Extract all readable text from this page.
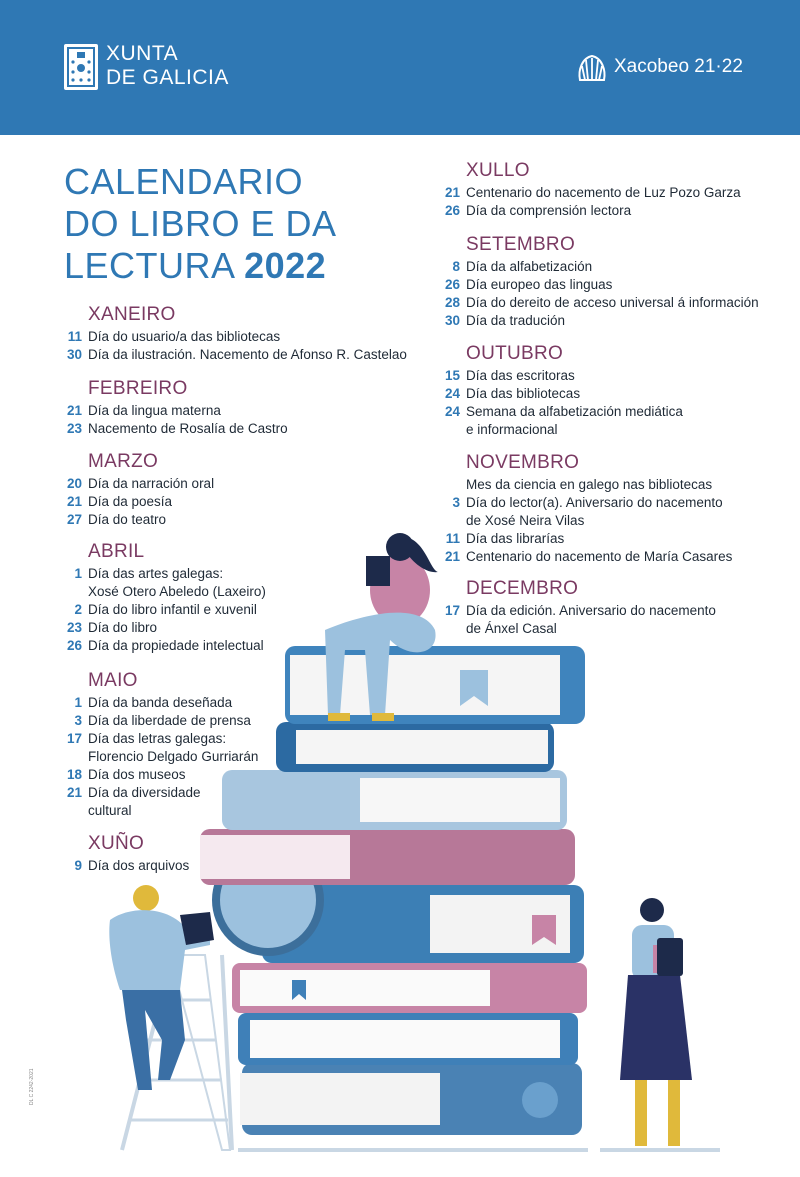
XUNTA
DE GALICIA	Xacobeo 21·22
CALENDARIO
DO LIBRO E DA
LECTURA 2022
XANEIRO
11 Día do usuario/a das bibliotecas
30 Día da ilustración. Nacemento de Afonso R. Castelao
FEBREIRO
21 Día da lingua materna
23 Nacemento de Rosalía de Castro
MARZO
20 Día da narración oral
21 Día da poesía
27 Día do teatro
ABRIL
1 Día das artes galegas:
Xosé Otero Abeledo (Laxeiro)
2 Día do libro infantil e xuvenil
23 Día do libro
26 Día da propiedade intelectual
MAIO
1 Día da banda deseñada
3 Día da liberdade de prensa
17 Día das letras galegas:
Florencio Delgado Gurriarán
18 Día dos museos
21 Día da diversidade
cultural
XUÑO
9 Día dos arquivos
XULLO
21 Centenario do nacemento de Luz Pozo Garza
26 Día da comprensión lectora
SETEMBRO
8 Día da alfabetización
26 Día europeo das linguas
28 Día do dereito de acceso universal á información
30 Día da tradución
OUTUBRO
15 Día das escritoras
24 Día das bibliotecas
24 Semana da alfabetización mediática
e informacional
NOVEMBRO
Mes da ciencia en galego nas bibliotecas
3 Día do lector(a). Aniversario do nacemento
de Xosé Neira Vilas
11 Día das librarías
21 Centenario do nacemento de María Casares
DECEMBRO
17 Día da edición. Aniversario do nacemento
de Ánxel Casal
DL C 2242-2021
